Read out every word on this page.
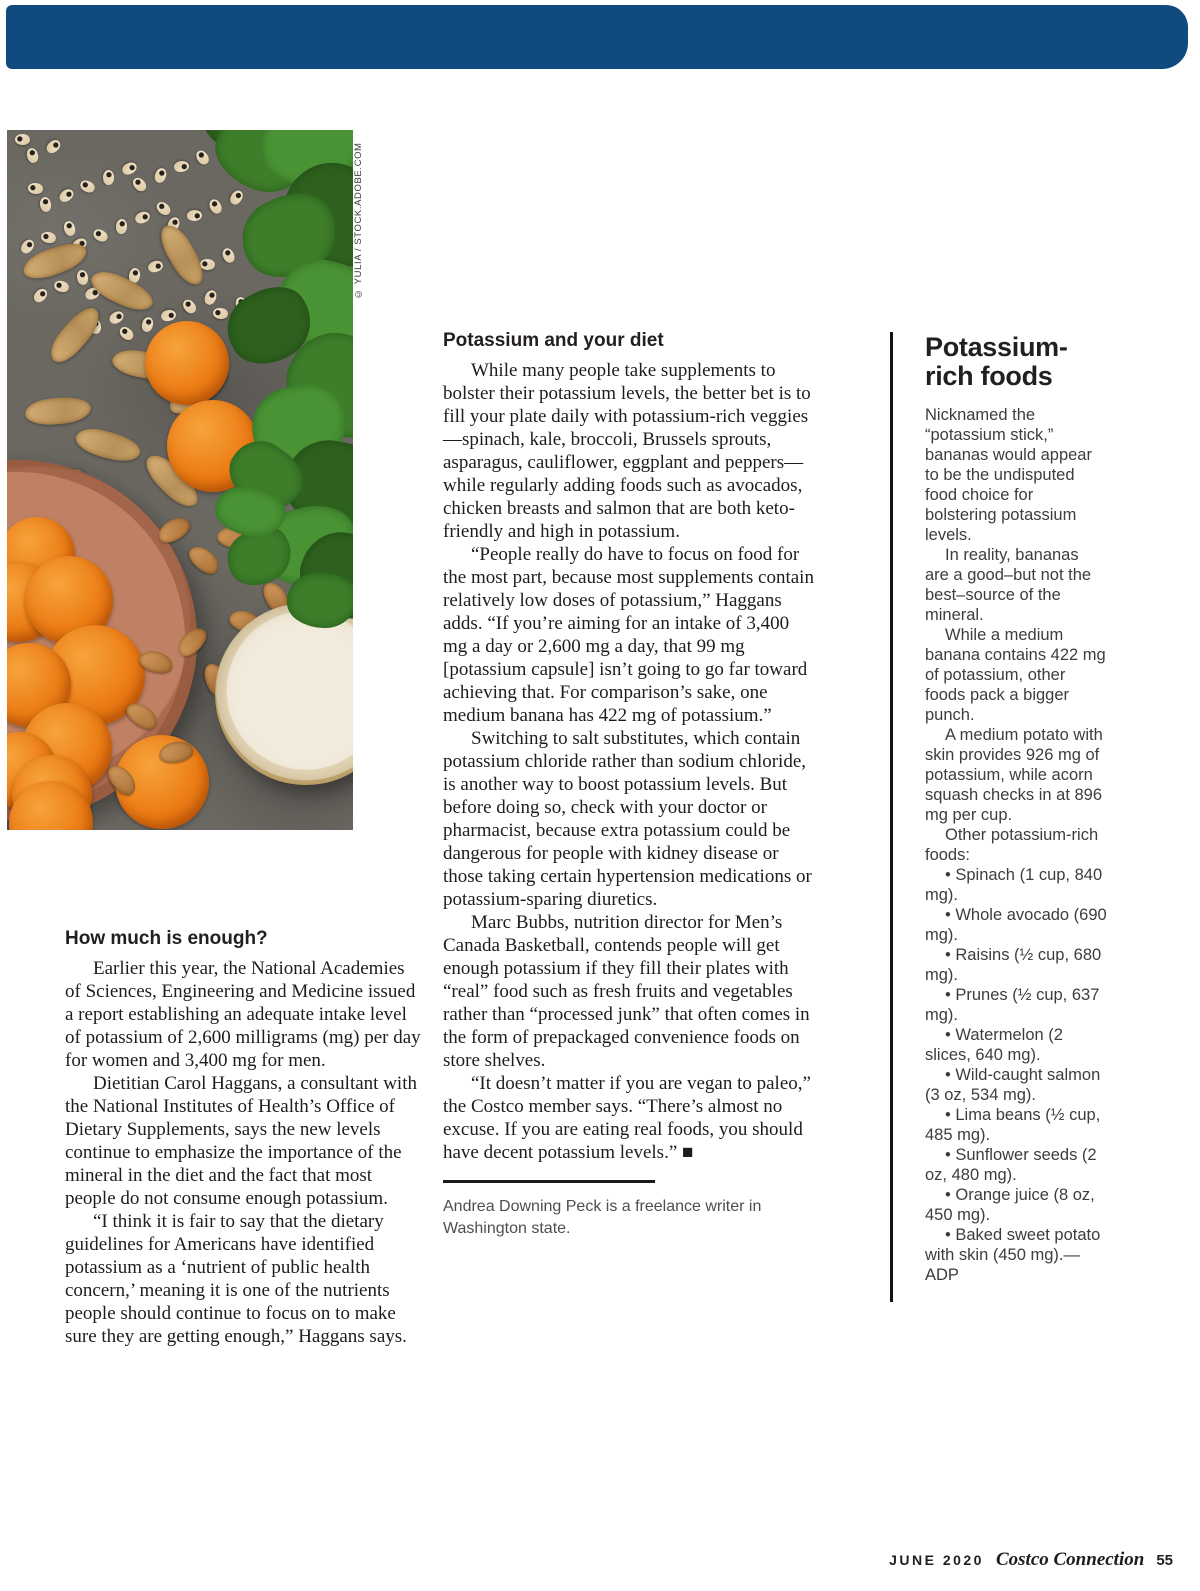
© YULIA / STOCK.ADOBE.COM
How much is enough?

Earlier this year, the National Academies of Sciences, Engineering and Medicine issued a report establishing an adequate intake level of potassium of 2,600 milligrams (mg) per day for women and 3,400 mg for men.

Dietitian Carol Haggans, a consultant with the National Institutes of Health’s Office of Dietary Supplements, says the new levels continue to emphasize the importance of the mineral in the diet and the fact that most people do not consume enough potassium.

“I think it is fair to say that the dietary guidelines for Americans have identified potassium as a ‘nutrient of public health concern,’ meaning it is one of the nutrients people should continue to focus on to make sure they are getting enough,” Haggans says.

Potassium and your diet

While many people take supplements to bolster their potassium levels, the better bet is to fill your plate daily with potassium-rich veggies—spinach, kale, broccoli, Brussels sprouts, asparagus, cauliflower, eggplant and peppers—while regularly adding foods such as avocados, chicken breasts and salmon that are both keto-friendly and high in potassium.

“People really do have to focus on food for the most part, because most supplements contain relatively low doses of potassium,” Haggans adds. “If you’re aiming for an intake of 3,400 mg a day or 2,600 mg a day, that 99 mg [potassium capsule] isn’t going to go far toward achieving that. For comparison’s sake, one medium banana has 422 mg of potassium.”

Switching to salt substitutes, which contain potassium chloride rather than sodium chloride, is another way to boost potassium levels. But before doing so, check with your doctor or pharmacist, because extra potassium could be dangerous for people with kidney disease or those taking certain hypertension medications or potassium-sparing diuretics.

Marc Bubbs, nutrition director for Men’s Canada Basketball, contends people will get enough potassium if they fill their plates with “real” food such as fresh fruits and vegetables rather than “processed junk” that often comes in the form of prepackaged convenience foods on store shelves.

“It doesn’t matter if you are vegan to paleo,” the Costco member says. “There’s almost no excuse. If you are eating real foods, you should have decent potassium levels.” ■

Andrea Downing Peck is a freelance writer in Washington state.

Potassium-rich foods

Nicknamed the “potassium stick,” bananas would appear to be the undisputed food choice for bolstering potassium levels.

In reality, bananas are a good–but not the best–source of the mineral.

While a medium banana contains 422 mg of potassium, other foods pack a bigger punch.

A medium potato with skin provides 926 mg of potassium, while acorn squash checks in at 896 mg per cup.

Other potassium-rich foods:

• Spinach (1 cup, 840 mg).

• Whole avocado (690 mg).

• Raisins (½ cup, 680 mg).

• Prunes (½ cup, 637 mg).

• Watermelon (2 slices, 640 mg).

• Wild-caught salmon (3 oz, 534 mg).

• Lima beans (½ cup, 485 mg).

• Sunflower seeds (2 oz, 480 mg).

• Orange juice (8 oz, 450 mg).

• Baked sweet potato with skin (450 mg).—ADP

JUNE 2020 Costco Connection 55
